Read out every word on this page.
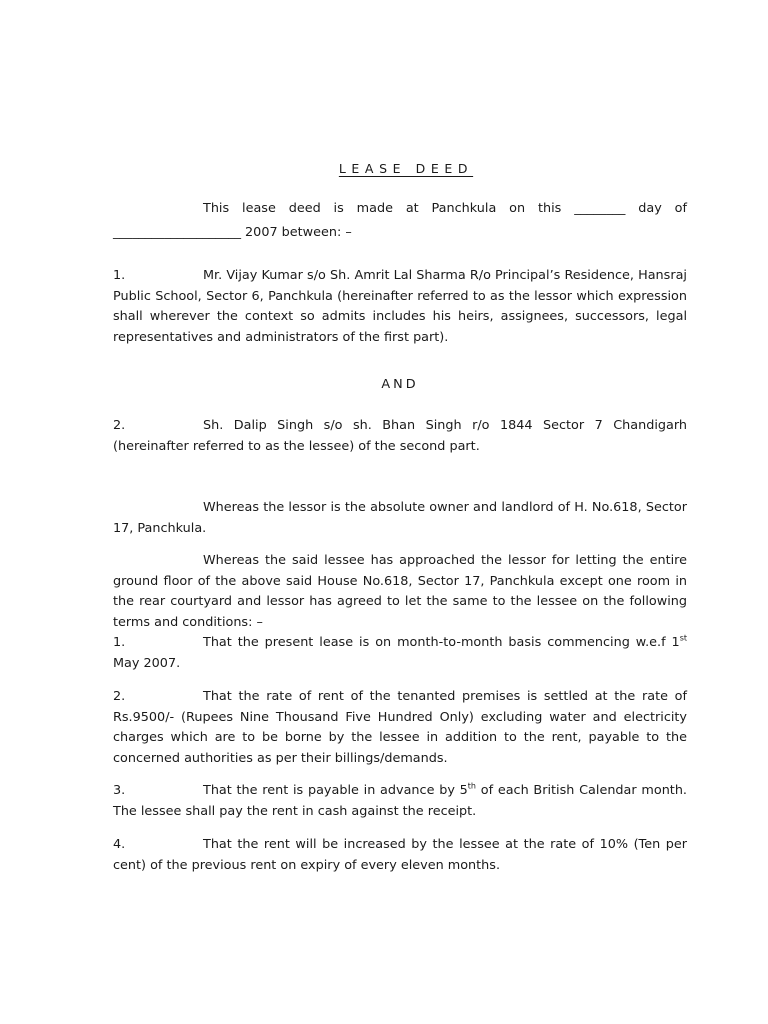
LEASE DEED

This lease deed is made at Panchkula on this ________ day of

____________________ 2007 between: –

1.	Mr. Vijay Kumar s/o Sh. Amrit Lal Sharma R/o Principal’s Residence, Hansraj Public School, Sector 6, Panchkula (hereinafter referred to as the lessor which expression shall wherever the context so admits includes his heirs, assignees, successors, legal representatives and administrators of the first part).

AND

2.	Sh. Dalip Singh s/o sh. Bhan Singh r/o 1844 Sector 7 Chandigarh (hereinafter referred to as the lessee) of the second part.

Whereas the lessor is the absolute owner and landlord of H. No.618, Sector 17, Panchkula.

Whereas the said lessee has approached the lessor for letting the entire ground floor of the above said House No.618, Sector 17, Panchkula except one room in the rear courtyard and lessor has agreed to let the same to the lessee on the following terms and conditions: –

1.	That the present lease is on month-to-month basis commencing w.e.f 1st May 2007.

2.	That the rate of rent of the tenanted premises is settled at the rate of Rs.9500/- (Rupees Nine Thousand Five Hundred Only) excluding water and electricity charges which are to be borne by the lessee in addition to the rent, payable to the concerned authorities as per their billings/demands.

3.	That the rent is payable in advance by 5th of each British Calendar month. The lessee shall pay the rent in cash against the receipt.

4.	That the rent will be increased by the lessee at the rate of 10% (Ten per cent) of the previous rent on expiry of every eleven months.
